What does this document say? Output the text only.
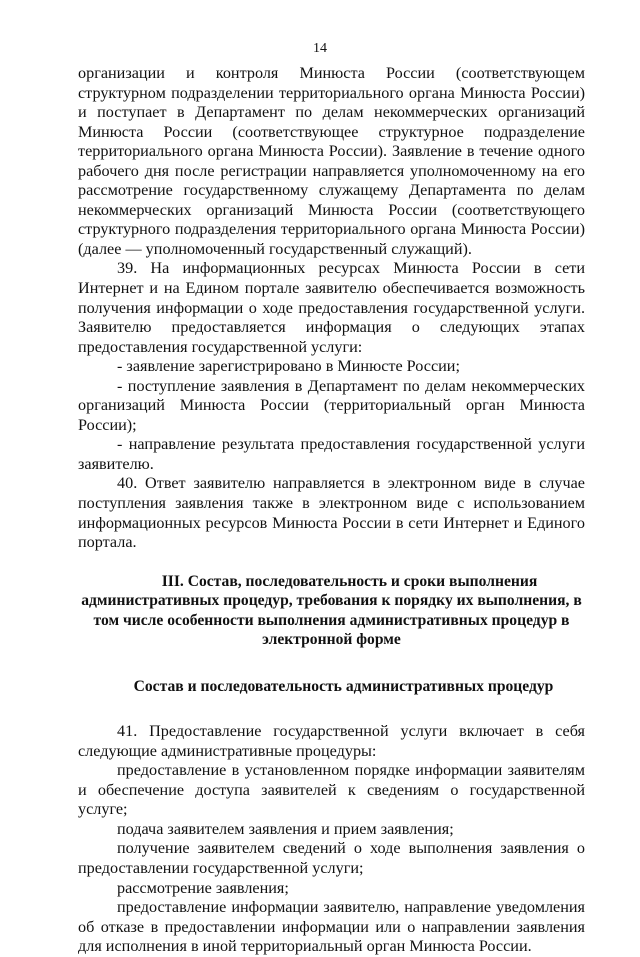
14

организации и контроля Минюста России (соответствующем структурном подразделении территориального органа Минюста России) и поступает в Департамент по делам некоммерческих организаций Минюста России (соответствующее структурное подразделение территориального органа Минюста России). Заявление в течение одного рабочего дня после регистрации направляется уполномоченному на его рассмотрение государственному служащему Департамента по делам некоммерческих организаций Минюста России (соответствующего структурного подразделения территориального органа Минюста России) (далее — уполномоченный государственный служащий).

39. На информационных ресурсах Минюста России в сети Интернет и на Едином портале заявителю обеспечивается возможность получения информации о ходе предоставления государственной услуги. Заявителю предоставляется информация о следующих этапах предоставления государственной услуги:

- заявление зарегистрировано в Минюсте России;

- поступление заявления в Департамент по делам некоммерческих организаций Минюста России (территориальный орган Минюста России);

- направление результата предоставления государственной услуги заявителю.

40. Ответ заявителю направляется в электронном виде в случае поступления заявления также в электронном виде с использованием информационных ресурсов Минюста России в сети Интернет и Единого портала.

III. Состав, последовательность и сроки выполнения
административных процедур, требования к порядку их выполнения, в
том числе особенности выполнения административных процедур в
электронной форме
Состав и последовательность административных процедур

41. Предоставление государственной услуги включает в себя следующие административные процедуры:

предоставление в установленном порядке информации заявителям и обеспечение доступа заявителей к сведениям о государственной услуге;

подача заявителем заявления и прием заявления;

получение заявителем сведений о ходе выполнения заявления о предоставлении государственной услуги;

рассмотрение заявления;

предоставление информации заявителю, направление уведомления об отказе в предоставлении информации или о направлении заявления для исполнения в иной территориальный орган Минюста России.
